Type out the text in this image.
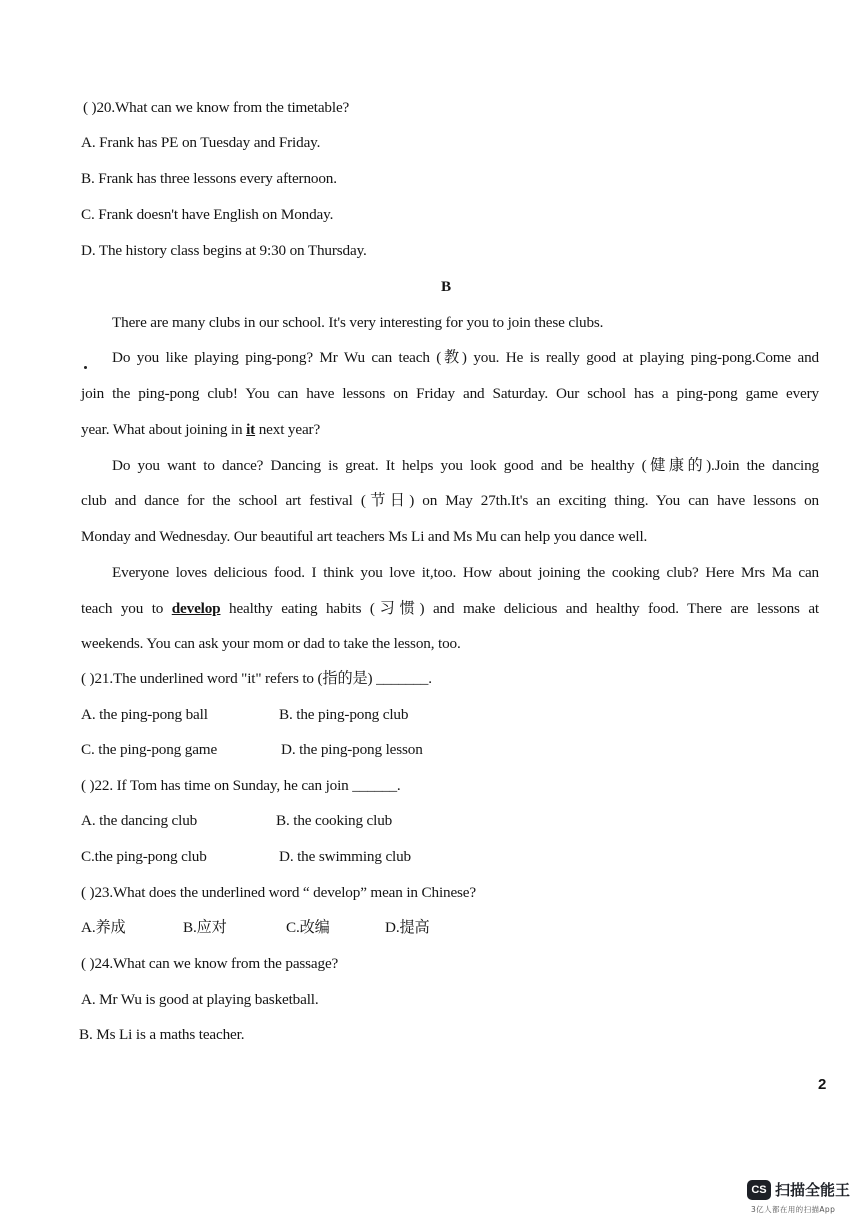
( )20.What can we know from the timetable?
A. Frank has PE on Tuesday and Friday.
B. Frank has three lessons every afternoon.
C. Frank doesn't have English on Monday.
D. The history class begins at 9:30 on Thursday.
B
There are many clubs in our school. It's very interesting for you to join these clubs.
Do you like playing ping-pong? Mr Wu can teach (教) you. He is really good at playing ping-pong.Come and
join the ping-pong club! You can have lessons on Friday and Saturday. Our school has a ping-pong game every
year. What about joining in it next year?
Do you want to dance? Dancing is great. It helps you look good and be healthy (健康的).Join the dancing
club and dance for the school art festival (节日) on May 27th.It's an exciting thing. You can have lessons on
Monday and Wednesday. Our beautiful art teachers Ms Li and Ms Mu can help you dance well.
Everyone loves delicious food. I think you love it,too. How about joining the cooking club? Here Mrs Ma can
teach you to develop healthy eating habits (习惯) and make delicious and healthy food. There are lessons at
weekends. You can ask your mom or dad to take the lesson, too.
( )21.The underlined word "it" refers to (指的是) _______.
A. the ping-pong ball	B. the ping-pong club
C. the ping-pong game	D. the ping-pong lesson
( )22. If Tom has time on Sunday, he can join ______.
A. the dancing club	B. the cooking club
C.the ping-pong club	D. the swimming club
( )23.What does the underlined word “ develop” mean in Chinese?
A.养成	B.应对	C.改编	D.提高
( )24.What can we know from the passage?
A. Mr Wu is good at playing basketball.
B. Ms Li is a maths teacher.
2
CS 扫描全能王
3亿人都在用的扫描App
